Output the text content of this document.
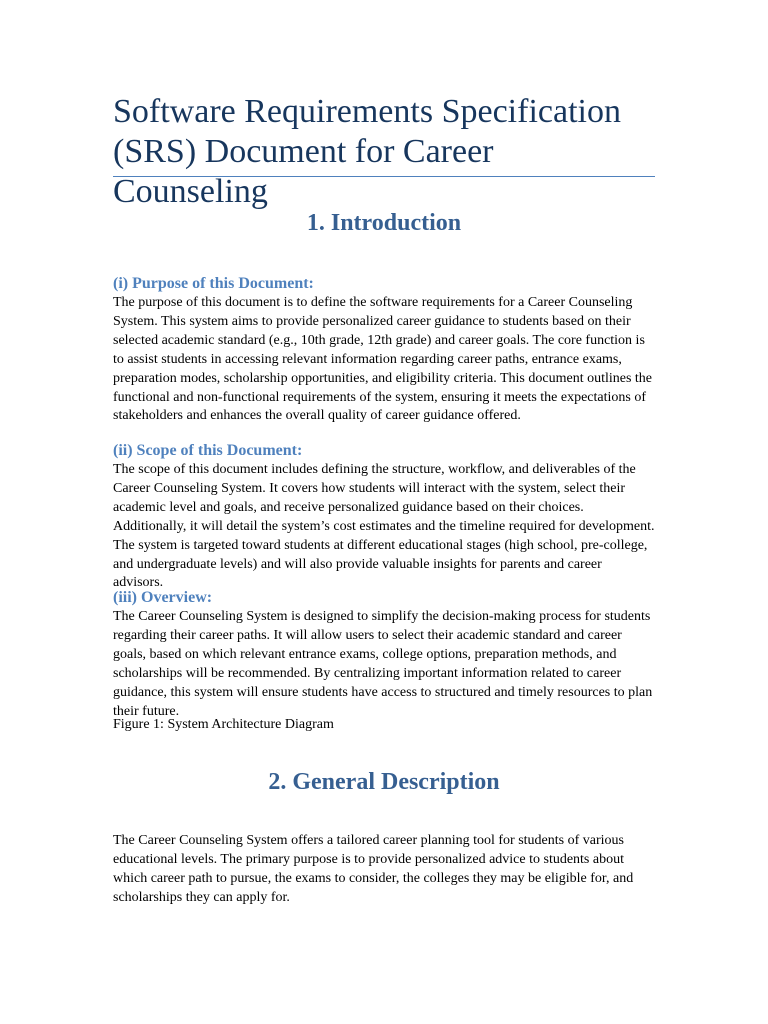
Software Requirements Specification (SRS) Document for Career Counseling
1. Introduction
(i) Purpose of this Document:

The purpose of this document is to define the software requirements for a Career Counseling System. This system aims to provide personalized career guidance to students based on their selected academic standard (e.g., 10th grade, 12th grade) and career goals. The core function is to assist students in accessing relevant information regarding career paths, entrance exams, preparation modes, scholarship opportunities, and eligibility criteria. This document outlines the functional and non-functional requirements of the system, ensuring it meets the expectations of stakeholders and enhances the overall quality of career guidance offered.

(ii) Scope of this Document:

The scope of this document includes defining the structure, workflow, and deliverables of the Career Counseling System. It covers how students will interact with the system, select their academic level and goals, and receive personalized guidance based on their choices. Additionally, it will detail the system’s cost estimates and the timeline required for development. The system is targeted toward students at different educational stages (high school, pre-college, and undergraduate levels) and will also provide valuable insights for parents and career advisors.

(iii) Overview:

The Career Counseling System is designed to simplify the decision-making process for students regarding their career paths. It will allow users to select their academic standard and career goals, based on which relevant entrance exams, college options, preparation methods, and scholarships will be recommended. By centralizing important information related to career guidance, this system will ensure students have access to structured and timely resources to plan their future.

Figure 1: System Architecture Diagram

2. General Description

The Career Counseling System offers a tailored career planning tool for students of various educational levels. The primary purpose is to provide personalized advice to students about which career path to pursue, the exams to consider, the colleges they may be eligible for, and scholarships they can apply for.
